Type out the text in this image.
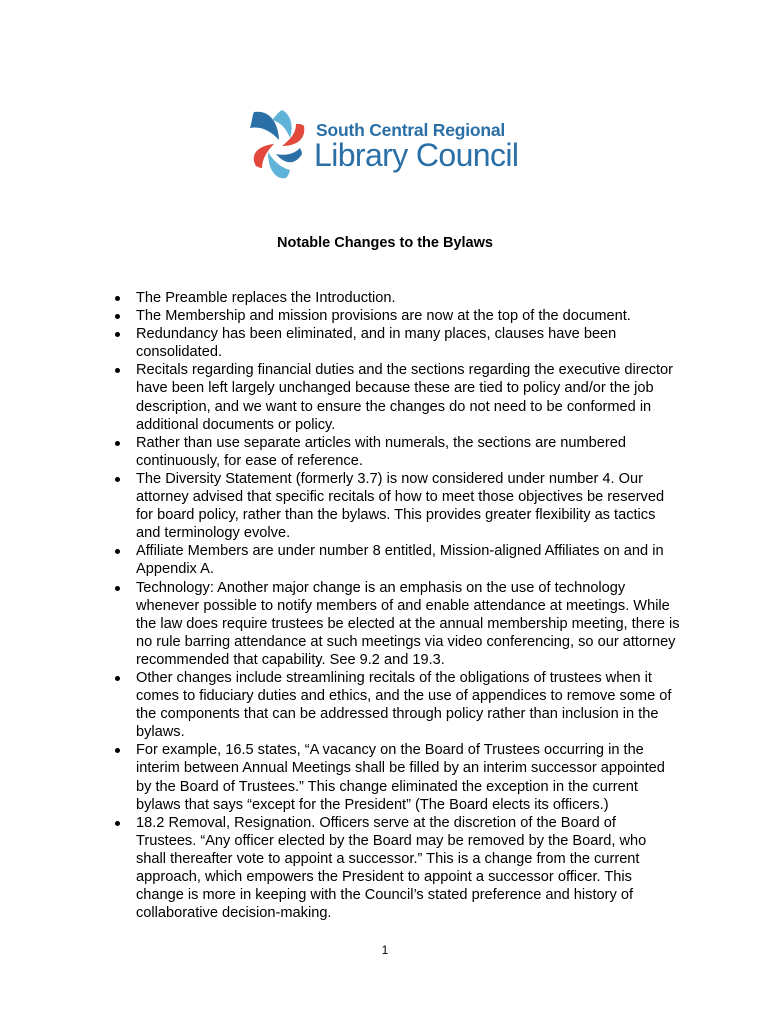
South Central Regional
Library Council
Notable Changes to the Bylaws
The Preamble replaces the Introduction.
The Membership and mission provisions are now at the top of the document.
Redundancy has been eliminated, and in many places, clauses have been consolidated.
Recitals regarding financial duties and the sections regarding the executive director have been left largely unchanged because these are tied to policy and/or the job description, and we want to ensure the changes do not need to be conformed in additional documents or policy.
Rather than use separate articles with numerals, the sections are numbered continuously, for ease of reference.
The Diversity Statement (formerly 3.7) is now considered under number 4. Our attorney advised that specific recitals of how to meet those objectives be reserved for board policy, rather than the bylaws. This provides greater flexibility as tactics and terminology evolve.
Affiliate Members are under number 8 entitled, Mission-aligned Affiliates on and in Appendix A.
Technology: Another major change is an emphasis on the use of technology whenever possible to notify members of and enable attendance at meetings. While the law does require trustees be elected at the annual membership meeting, there is no rule barring attendance at such meetings via video conferencing, so our attorney recommended that capability. See 9.2 and 19.3.
Other changes include streamlining recitals of the obligations of trustees when it comes to fiduciary duties and ethics, and the use of appendices to remove some of the components that can be addressed through policy rather than inclusion in the bylaws.
For example, 16.5 states, “A vacancy on the Board of Trustees occurring in the interim between Annual Meetings shall be filled by an interim successor appointed by the Board of Trustees.” This change eliminated the exception in the current bylaws that says “except for the President” (The Board elects its officers.)
18.2 Removal, Resignation. Officers serve at the discretion of the Board of Trustees. “Any officer elected by the Board may be removed by the Board, who shall thereafter vote to appoint a successor.” This is a change from the current approach, which empowers the President to appoint a successor officer. This change is more in keeping with the Council’s stated preference and history of collaborative decision-making.
1
